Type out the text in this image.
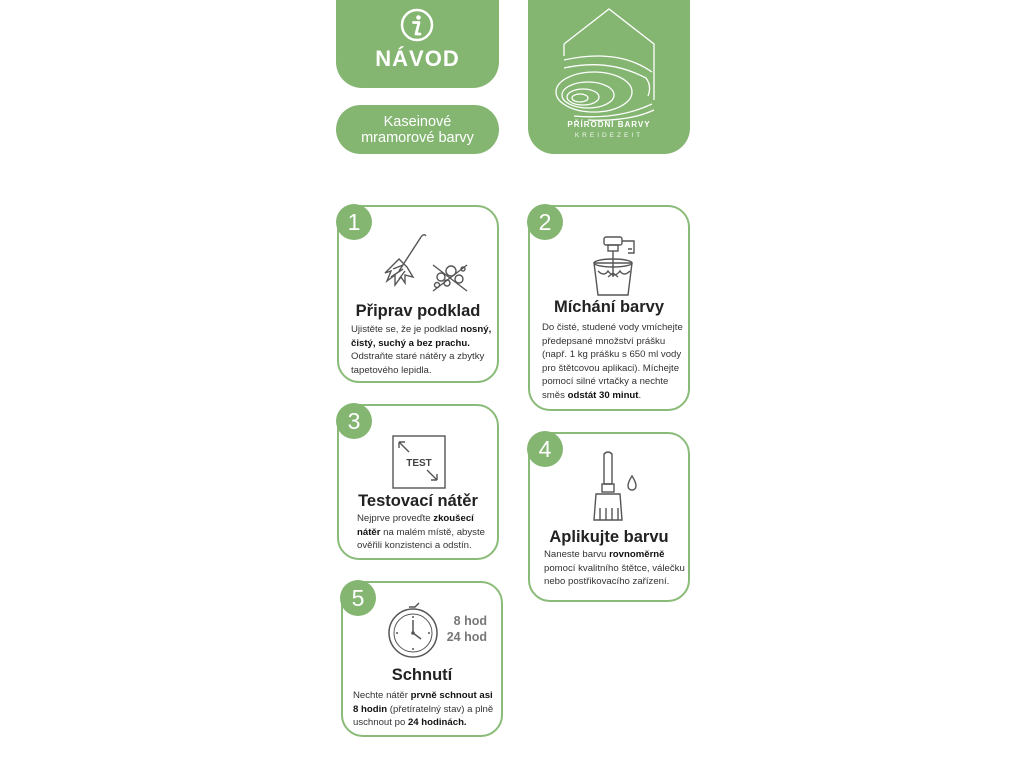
NÁVOD
Kaseinové
mramorové barvy
PŘÍRODNÍ BARVY
KREIDEZEIT
1
Připrav podklad
Ujistěte se, že je podklad nosný, čistý, suchý a bez prachu. Odstraňte staré nátěry a zbytky tapetového lepidla.
2
Míchání barvy
Do čisté, studené vody vmíchejte předepsané množství prášku (např. 1 kg prášku s 650 ml vody pro štětcovou aplikaci). Míchejte pomocí silné vrtačky a nechte směs odstát 30 minut.
3
TEST
Testovací nátěr
Nejprve proveďte zkoušecí nátěr na malém místě, abyste ověřili konzistenci a odstín.
4
Aplikujte barvu
Naneste barvu rovnoměrně pomocí kvalitního štětce, válečku nebo postřikovacího zařízení.
5
8 hod
24 hod
Schnutí
Nechte nátěr prvně schnout asi 8 hodin (přetíratelný stav) a plně uschnout po 24 hodinách.
